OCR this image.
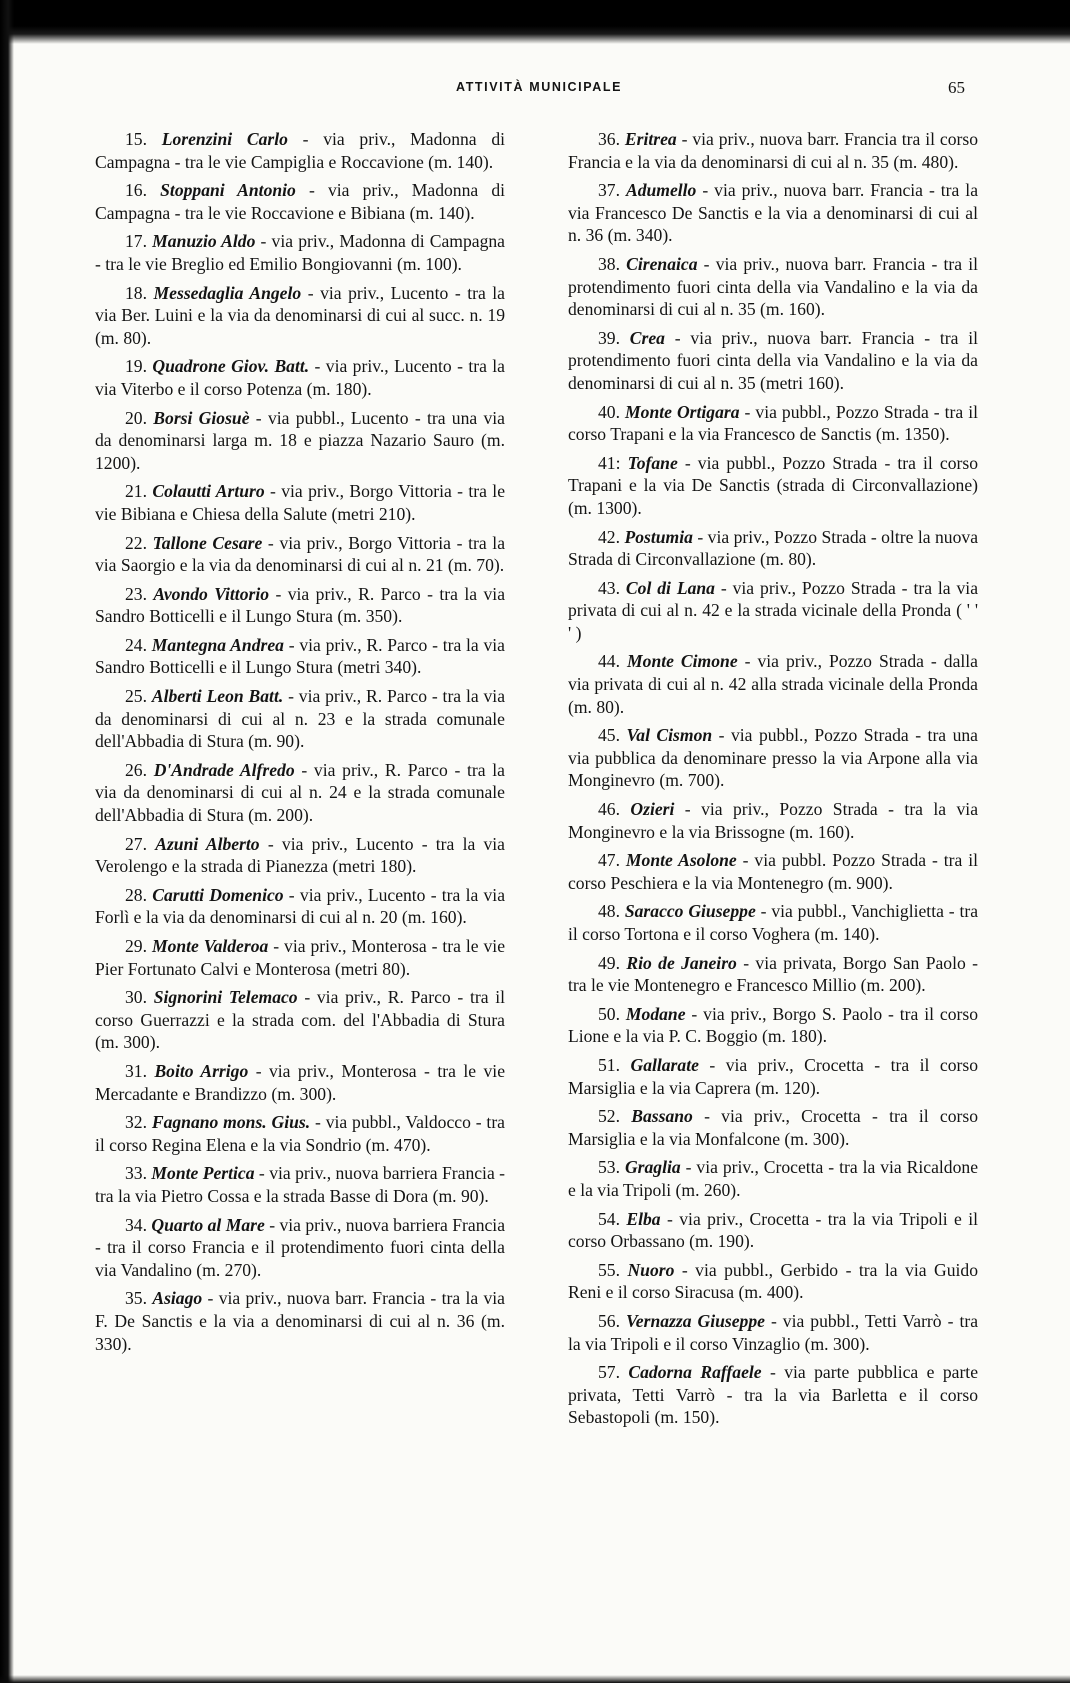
ATTIVITÀ MUNICIPALE	65

15. Lorenzini Carlo - via priv., Madonna di Campagna - tra le vie Campiglia e Roccavione (m. 140).

16. Stoppani Antonio - via priv., Madonna di Campagna - tra le vie Roccavione e Bibiana (m. 140).

17. Manuzio Aldo - via priv., Madonna di Campagna - tra le vie Breglio ed Emilio Bongiovanni (m. 100).

18. Messedaglia Angelo - via priv., Lucento - tra la via Ber. Luini e la via da denominarsi di cui al succ. n. 19 (m. 80).

19. Quadrone Giov. Batt. - via priv., Lucento - tra la via Viterbo e il corso Potenza (m. 180).

20. Borsi Giosuè - via pubbl., Lucento - tra una via da denominarsi larga m. 18 e piazza Nazario Sauro (m. 1200).

21. Colautti Arturo - via priv., Borgo Vittoria - tra le vie Bibiana e Chiesa della Salute (metri 210).

22. Tallone Cesare - via priv., Borgo Vittoria - tra la via Saorgio e la via da denominarsi di cui al n. 21 (m. 70).

23. Avondo Vittorio - via priv., R. Parco - tra la via Sandro Botticelli e il Lungo Stura (m. 350).

24. Mantegna Andrea - via priv., R. Parco - tra la via Sandro Botticelli e il Lungo Stura (metri 340).

25. Alberti Leon Batt. - via priv., R. Parco - tra la via da denominarsi di cui al n. 23 e la strada comunale dell'Abbadia di Stura (m. 90).

26. D'Andrade Alfredo - via priv., R. Parco - tra la via da denominarsi di cui al n. 24 e la strada comunale dell'Abbadia di Stura (m. 200).

27. Azuni Alberto - via priv., Lucento - tra la via Verolengo e la strada di Pianezza (metri 180).

28. Carutti Domenico - via priv., Lucento - tra la via Forlì e la via da denominarsi di cui al n. 20 (m. 160).

29. Monte Valderoa - via priv., Monterosa - tra le vie Pier Fortunato Calvi e Monterosa (metri 80).

30. Signorini Telemaco - via priv., R. Parco - tra il corso Guerrazzi e la strada com. del l'Abbadia di Stura (m. 300).

31. Boito Arrigo - via priv., Monterosa - tra le vie Mercadante e Brandizzo (m. 300).

32. Fagnano mons. Gius. - via pubbl., Valdocco - tra il corso Regina Elena e la via Sondrio (m. 470).

33. Monte Pertica - via priv., nuova barriera Francia - tra la via Pietro Cossa e la strada Basse di Dora (m. 90).

34. Quarto al Mare - via priv., nuova barriera Francia - tra il corso Francia e il protendimento fuori cinta della via Vandalino (m. 270).

35. Asiago - via priv., nuova barr. Francia - tra la via F. De Sanctis e la via a denominarsi di cui al n. 36 (m. 330).

36. Eritrea - via priv., nuova barr. Francia tra il corso Francia e la via da denominarsi di cui al n. 35 (m. 480).

37. Adumello - via priv., nuova barr. Francia - tra la via Francesco De Sanctis e la via a denominarsi di cui al n. 36 (m. 340).

38. Cirenaica - via priv., nuova barr. Francia - tra il protendimento fuori cinta della via Vandalino e la via da denominarsi di cui al n. 35 (m. 160).

39. Crea - via priv., nuova barr. Francia - tra il protendimento fuori cinta della via Vandalino e la via da denominarsi di cui al n. 35 (metri 160).

40. Monte Ortigara - via pubbl., Pozzo Strada - tra il corso Trapani e la via Francesco de Sanctis (m. 1350).

41: Tofane - via pubbl., Pozzo Strada - tra il corso Trapani e la via De Sanctis (strada di Circonvallazione) (m. 1300).

42. Postumia - via priv., Pozzo Strada - oltre la nuova Strada di Circonvallazione (m. 80).

43. Col di Lana - via priv., Pozzo Strada - tra la via privata di cui al n. 42 e la strada vicinale della Pronda ( ' ' ' )

44. Monte Cimone - via priv., Pozzo Strada - dalla via privata di cui al n. 42 alla strada vicinale della Pronda (m. 80).

45. Val Cismon - via pubbl., Pozzo Strada - tra una via pubblica da denominare presso la via Arpone alla via Monginevro (m. 700).

46. Ozieri - via priv., Pozzo Strada - tra la via Monginevro e la via Brissogne (m. 160).

47. Monte Asolone - via pubbl. Pozzo Strada - tra il corso Peschiera e la via Montenegro (m. 900).

48. Saracco Giuseppe - via pubbl., Vanchiglietta - tra il corso Tortona e il corso Voghera (m. 140).

49. Rio de Janeiro - via privata, Borgo San Paolo - tra le vie Montenegro e Francesco Millio (m. 200).

50. Modane - via priv., Borgo S. Paolo - tra il corso Lione e la via P. C. Boggio (m. 180).

51. Gallarate - via priv., Crocetta - tra il corso Marsiglia e la via Caprera (m. 120).

52. Bassano - via priv., Crocetta - tra il corso Marsiglia e la via Monfalcone (m. 300).

53. Graglia - via priv., Crocetta - tra la via Ricaldone e la via Tripoli (m. 260).

54. Elba - via priv., Crocetta - tra la via Tripoli e il corso Orbassano (m. 190).

55. Nuoro - via pubbl., Gerbido - tra la via Guido Reni e il corso Siracusa (m. 400).

56. Vernazza Giuseppe - via pubbl., Tetti Varrò - tra la via Tripoli e il corso Vinzaglio (m. 300).

57. Cadorna Raffaele - via parte pubblica e parte privata, Tetti Varrò - tra la via Barletta e il corso Sebastopoli (m. 150).
